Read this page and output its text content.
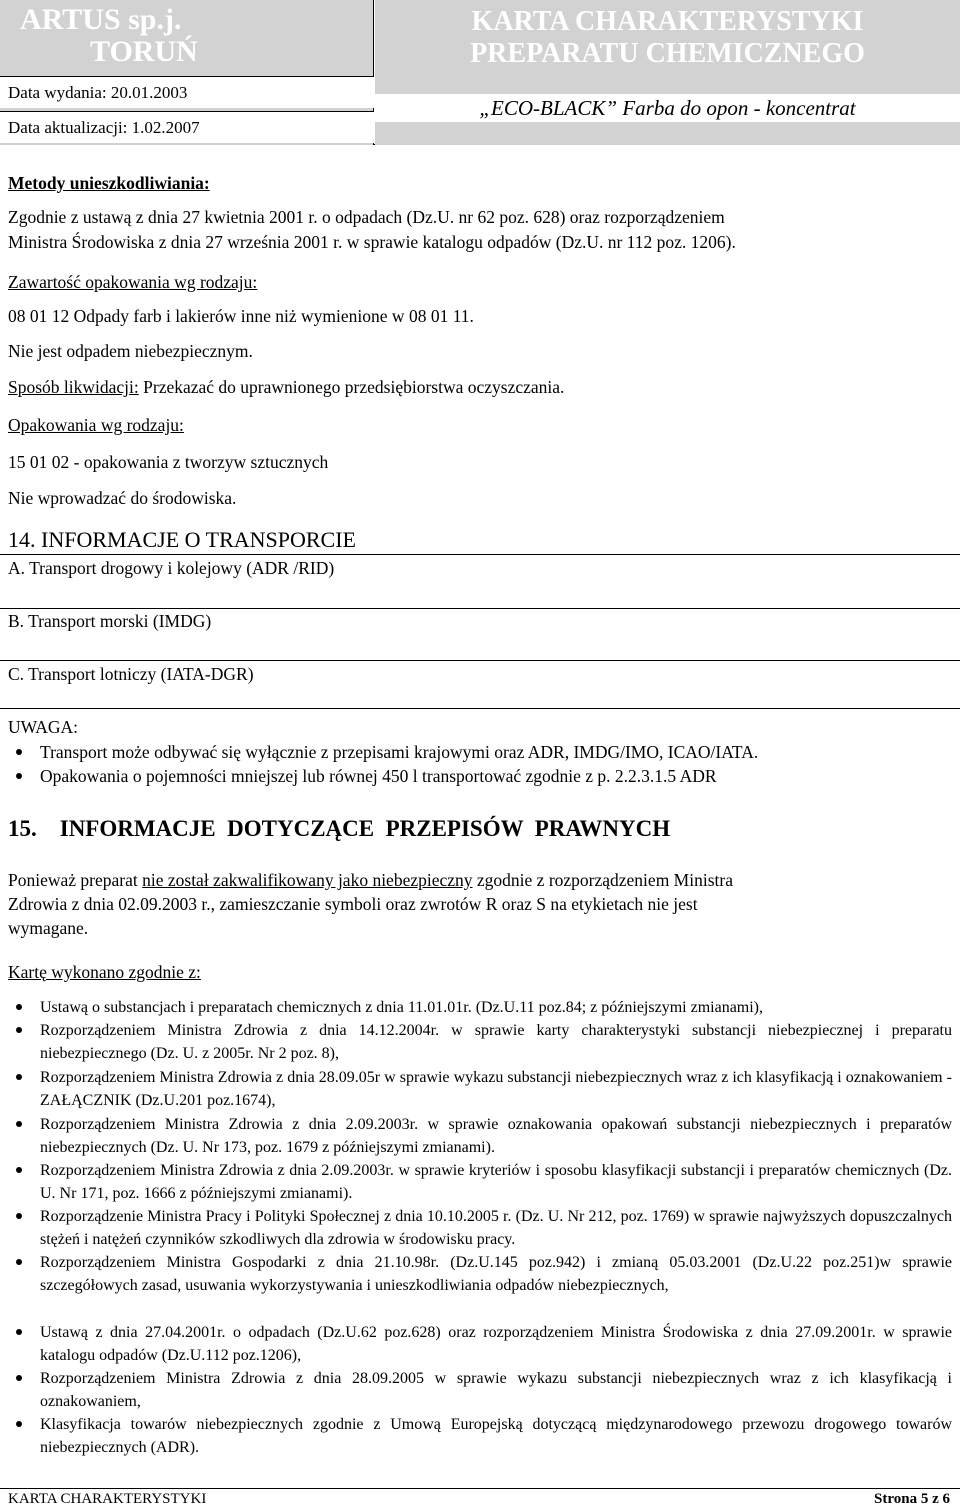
ARTUS sp.j.
TORUŃ
Data wydania: 20.01.2003
Data aktualizacji: 1.02.2007
KARTA CHARAKTERYSTYKI
PREPARATU CHEMICZNEGO
„ECO-BLACK” Farba do opon - koncentrat
Metody unieszkodliwiania:
Zgodnie z ustawą z dnia 27 kwietnia 2001 r. o odpadach (Dz.U. nr 62 poz. 628) oraz rozporządzeniem
Ministra Środowiska z dnia 27 września 2001 r. w sprawie katalogu odpadów (Dz.U. nr 112 poz. 1206).
Zawartość opakowania wg rodzaju:
08 01 12 Odpady farb i lakierów inne niż wymienione w 08 01 11.
Nie jest odpadem niebezpiecznym.
Sposób likwidacji: Przekazać do uprawnionego przedsiębiorstwa oczyszczania.
Opakowania wg rodzaju:
15 01 02 - opakowania z tworzyw sztucznych
Nie wprowadzać do środowiska.
14. INFORMACJE O TRANSPORCIE
A. Transport drogowy i kolejowy (ADR /RID)
B. Transport morski (IMDG)
C. Transport lotniczy (IATA-DGR)
UWAGA:
Transport może odbywać się wyłącznie z przepisami krajowymi oraz ADR, IMDG/IMO, ICAO/IATA.
Opakowania o pojemności mniejszej lub równej 450 l transportować zgodnie z p. 2.2.3.1.5 ADR
15.    INFORMACJE  DOTYCZĄCE  PRZEPISÓW  PRAWNYCH
Ponieważ preparat nie został zakwalifikowany jako niebezpieczny zgodnie z rozporządzeniem Ministra
Zdrowia z dnia 02.09.2003 r., zamieszczanie symboli oraz zwrotów R oraz S na etykietach nie jest
wymagane.
Kartę wykonano zgodnie z:
Ustawą o substancjach i preparatach chemicznych z dnia 11.01.01r. (Dz.U.11 poz.84; z późniejszymi zmianami),
Rozporządzeniem Ministra Zdrowia z dnia 14.12.2004r. w sprawie karty charakterystyki substancji niebezpiecznej i preparatu niebezpiecznego (Dz. U. z 2005r. Nr 2 poz. 8),
Rozporządzeniem Ministra Zdrowia z dnia 28.09.05r w sprawie wykazu substancji niebezpiecznych wraz z ich klasyfikacją i oznakowaniem - ZAŁĄCZNIK (Dz.U.201 poz.1674),
Rozporządzeniem Ministra Zdrowia z dnia 2.09.2003r. w sprawie oznakowania opakowań substancji niebezpiecznych i preparatów niebezpiecznych (Dz. U. Nr 173, poz. 1679 z późniejszymi zmianami).
Rozporządzeniem Ministra Zdrowia z dnia 2.09.2003r. w sprawie kryteriów i sposobu klasyfikacji substancji i preparatów chemicznych (Dz. U. Nr 171, poz. 1666 z późniejszymi zmianami).
Rozporządzenie Ministra Pracy i Polityki Społecznej z dnia 10.10.2005 r. (Dz. U. Nr 212, poz. 1769) w sprawie najwyższych dopuszczalnych stężeń i natężeń czynników szkodliwych dla zdrowia w środowisku pracy.
Rozporządzeniem Ministra Gospodarki z dnia 21.10.98r. (Dz.U.145 poz.942) i zmianą 05.03.2001 (Dz.U.22 poz.251)w sprawie szczegółowych zasad, usuwania wykorzystywania i unieszkodliwiania odpadów niebezpiecznych,
Ustawą z dnia 27.04.2001r. o odpadach (Dz.U.62 poz.628) oraz rozporządzeniem Ministra Środowiska z dnia 27.09.2001r. w sprawie katalogu odpadów (Dz.U.112 poz.1206),
Rozporządzeniem Ministra Zdrowia z dnia 28.09.2005 w sprawie wykazu substancji niebezpiecznych wraz z ich klasyfikacją i oznakowaniem,
Klasyfikacja towarów niebezpiecznych zgodnie z Umową Europejską dotyczącą międzynarodowego przewozu drogowego towarów niebezpiecznych (ADR).
KARTA CHARAKTERYSTYKI	Strona 5 z 6
